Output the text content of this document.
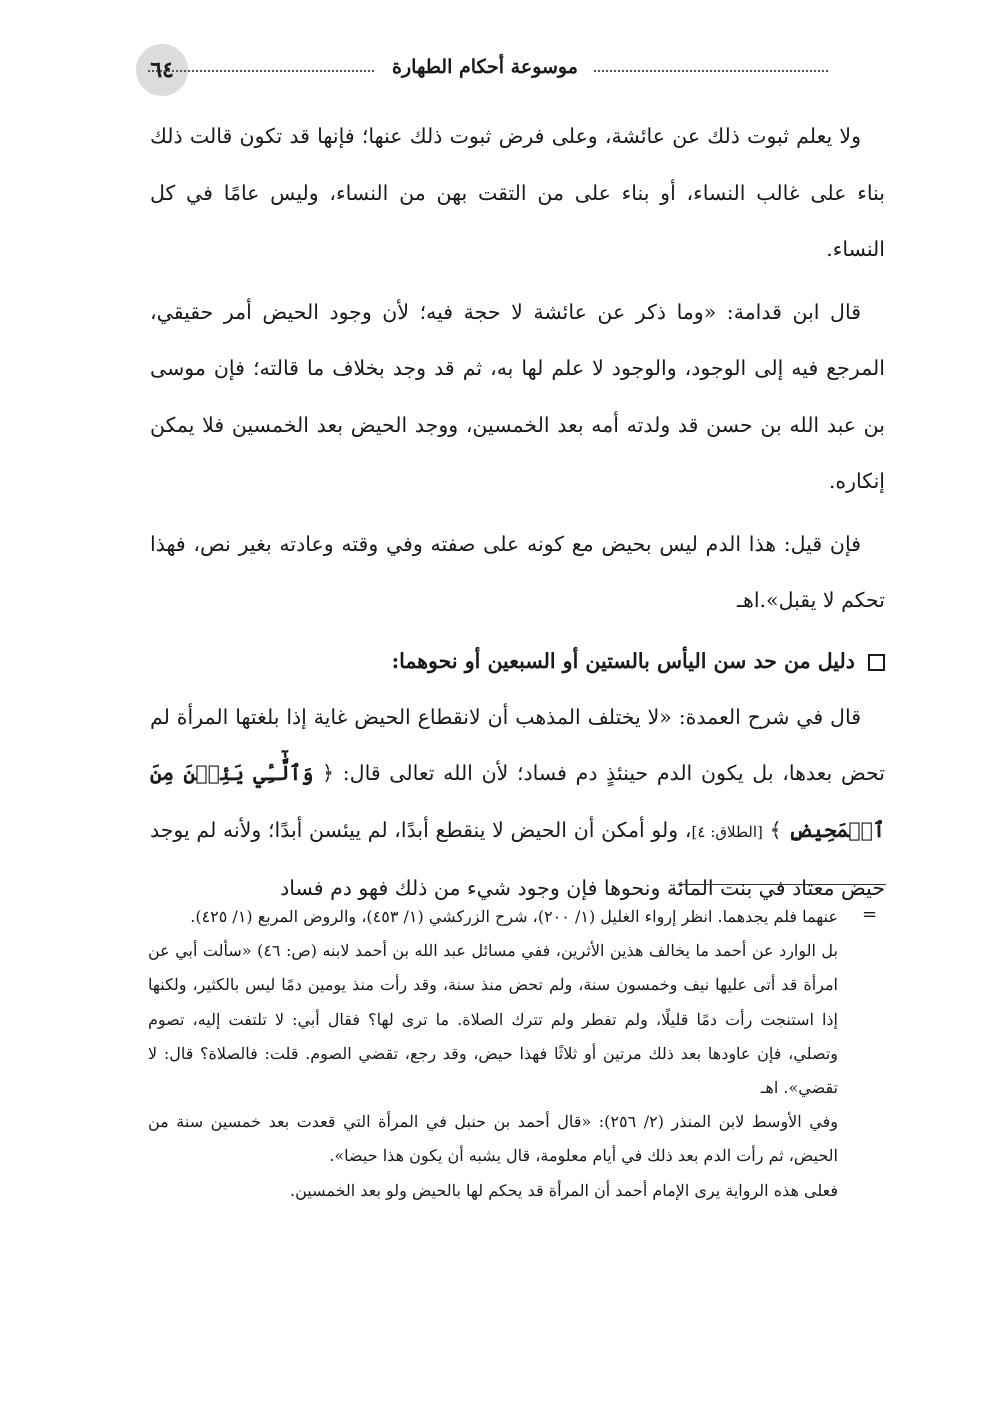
٦٤	موسوعة أحكام الطهارة

ولا يعلم ثبوت ذلك عن عائشة، وعلى فرض ثبوت ذلك عنها؛ فإنها قد تكون قالت ذلك بناء على غالب النساء، أو بناء على من التقت بهن من النساء، وليس عامًا في كل النساء.

قال ابن قدامة: «وما ذكر عن عائشة لا حجة فيه؛ لأن وجود الحيض أمر حقيقي، المرجع فيه إلى الوجود، والوجود لا علم لها به، ثم قد وجد بخلاف ما قالته؛ فإن موسى بن عبد الله بن حسن قد ولدته أمه بعد الخمسين، ووجد الحيض بعد الخمسين فلا يمكن إنكاره.

فإن قيل: هذا الدم ليس بحيض مع كونه على صفته وفي وقته وعادته بغير نص، فهذا تحكم لا يقبل».اهـ

دليل من حد سن اليأس بالستين أو السبعين أو نحوهما:

قال في شرح العمدة: «لا يختلف المذهب أن لانقطاع الحيض غاية إذا بلغتها المرأة لم تحض بعدها، بل يكون الدم حينئذٍ دم فساد؛ لأن الله تعالى قال: ﴿ وَٱلَّٰٓـِٔي يَئِسۡنَ مِنَ ٱلۡمَحِيضِ ﴾ [الطلاق: ٤]، ولو أمكن أن الحيض لا ينقطع أبدًا، لم ييئسن أبدًا؛ ولأنه لم يوجد حيض معتاد في بنت المائة ونحوها فإن وجود شيء من ذلك فهو دم فساد

=

عنهما فلم يجدهما. انظر إرواء الغليل (١/ ٢٠٠)، شرح الزركشي (١/ ٤٥٣)، والروض المربع (١/ ٤٢٥).

بل الوارد عن أحمد ما يخالف هذين الأثرين، ففي مسائل عبد الله بن أحمد لابنه (ص: ٤٦) «سألت أبي عن امرأة قد أتى عليها نيف وخمسون سنة، ولم تحض منذ سنة، وقد رأت منذ يومين دمًا ليس بالكثير، ولكنها إذا استنجت رأت دمًا قليلًا، ولم تفطر ولم تترك الصلاة. ما ترى لها؟ فقال أبي: لا تلتفت إليه، تصوم وتصلي، فإن عاودها بعد ذلك مرتين أو ثلاثًا فهذا حيض، وقد رجع، تقضي الصوم. قلت: فالصلاة؟ قال: لا تقضي». اهـ

وفي الأوسط لابن المنذر (٢/ ٢٥٦): «قال أحمد بن حنبل في المرأة التي قعدت بعد خمسين سنة من الحيض، ثم رأت الدم بعد ذلك في أيام معلومة، قال يشبه أن يكون هذا حيضا».

فعلى هذه الرواية يرى الإمام أحمد أن المرأة قد يحكم لها بالحيض ولو بعد الخمسين.
